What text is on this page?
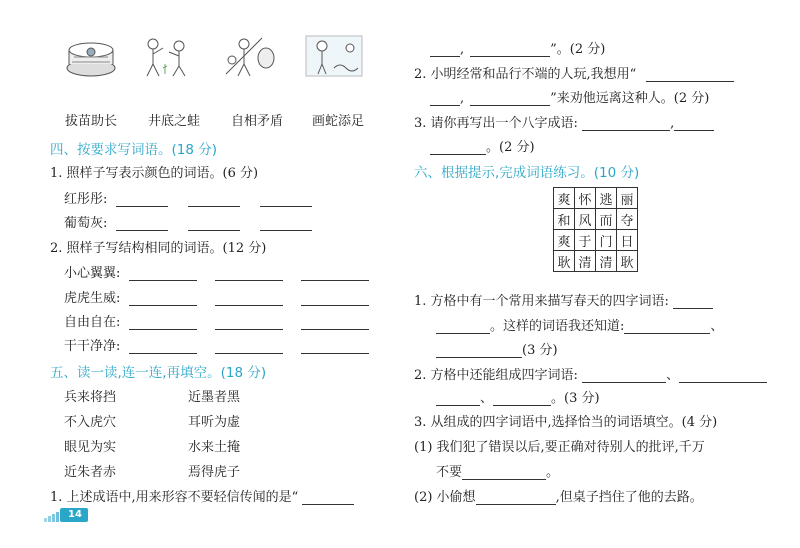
拔苗助长 井底之蛙 自相矛盾 画蛇添足
四、按要求写词语。(18 分)
1. 照样子写表示颜色的词语。(6 分)
红彤彤:
葡萄灰:
2. 照样子写结构相同的词语。(12 分)
小心翼翼:
虎虎生威:
自由自在:
干干净净:
五、读一读,连一连,再填空。(18 分)
兵来将挡
不入虎穴
眼见为实
近朱者赤
近墨者黑
耳听为虚
水来土掩
焉得虎子
1. 上述成语中,用来形容不要轻信传闻的是“
14
,	”。(2 分)
2. 小明经常和品行不端的人玩,我想用“
,	”来劝他远离这种人。(2 分)
3. 请你再写出一个八字成语:	,
。(2 分)
六、根据提示,完成词语练习。(10 分)
爽	怀	逃	丽
和	风	而	夺
爽	于	门	日
耿	清	清	耿
1. 方格中有一个常用来描写春天的四字词语:
。这样的词语我还知道:	、
(3 分)
2. 方格中还能组成四字词语:	、
、	。(3 分)
3. 从组成的四字词语中,选择恰当的词语填空。(4 分)
(1) 我们犯了错误以后,要正确对待别人的批评,千万
不要	。
(2) 小偷想	,但桌子挡住了他的去路。
